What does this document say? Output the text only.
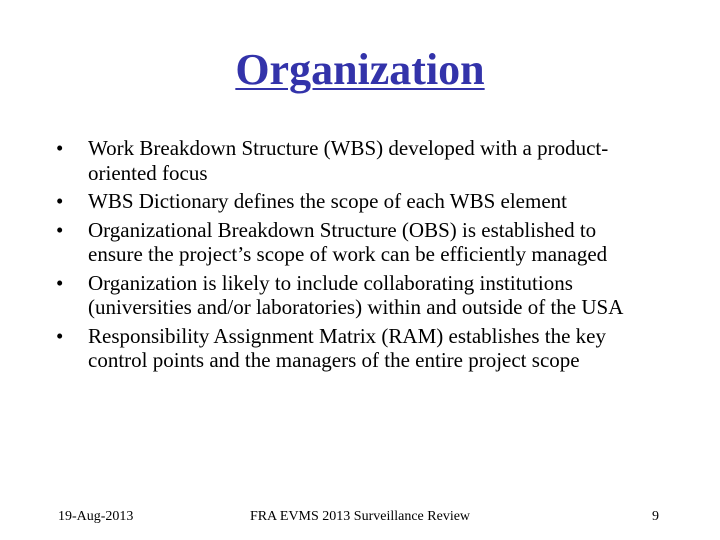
Organization
•	Work Breakdown Structure (WBS) developed with a product-oriented focus
•	WBS Dictionary defines the scope of each WBS element
•	Organizational Breakdown Structure (OBS) is established to ensure the project’s scope of work can be efficiently managed
•	Organization is likely to include collaborating institutions (universities and/or laboratories) within and outside of the USA
•	Responsibility Assignment Matrix (RAM) establishes the key control points and the managers of the entire project scope
19-Aug-2013	FRA EVMS 2013 Surveillance Review	9
